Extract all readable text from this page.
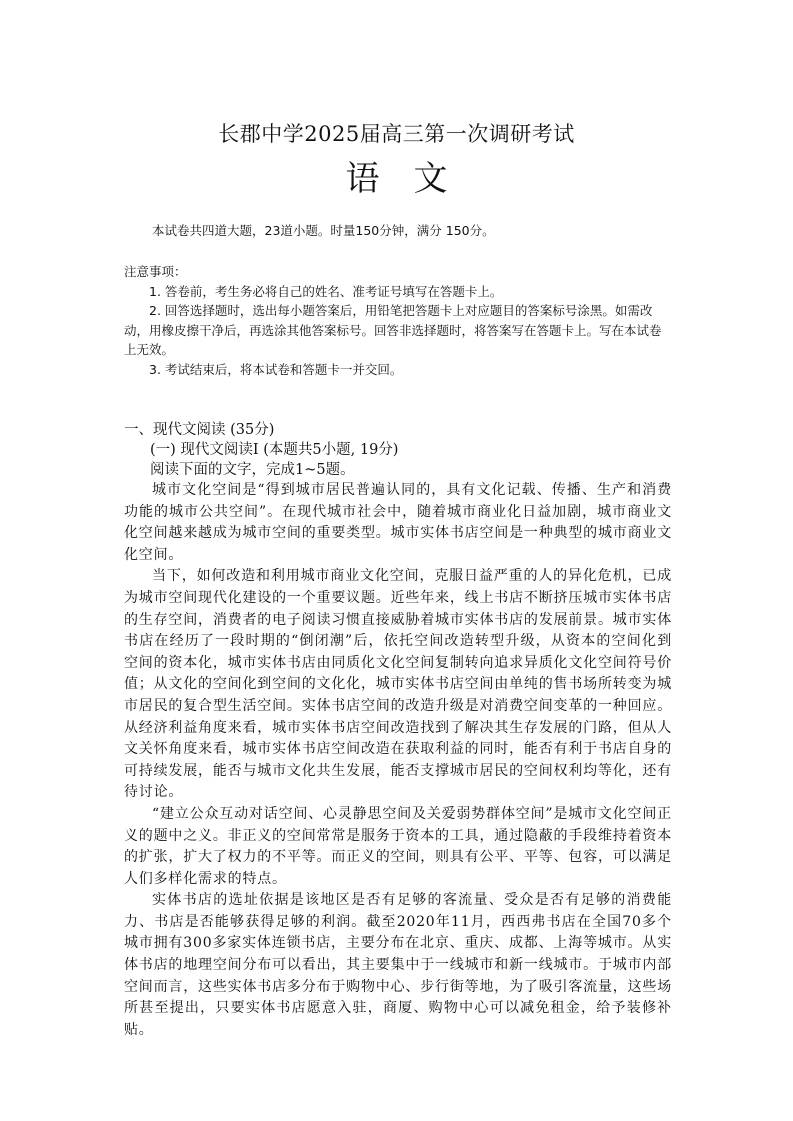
长郡中学2025届高三第一次调研考试
语文
本试卷共四道大题，23道小题。时量150分钟，满分 150分。

注意事项：

1. 答卷前，考生务必将自己的姓名、准考证号填写在答题卡上。

2. 回答选择题时，选出每小题答案后，用铅笔把答题卡上对应题目的答案标号涂黑。如需改动，用橡皮擦干净后，再选涂其他答案标号。回答非选择题时，将答案写在答题卡上。写在本试卷上无效。

3. 考试结束后，将本试卷和答题卡一并交回。

一、现代文阅读 (35分)
(一) 现代文阅读Ⅰ (本题共5小题, 19分)
阅读下面的文字，完成1~5题。

城市文化空间是“得到城市居民普遍认同的，具有文化记载、传播、生产和消费功能的城市公共空间”。在现代城市社会中，随着城市商业化日益加剧，城市商业文化空间越来越成为城市空间的重要类型。城市实体书店空间是一种典型的城市商业文化空间。

当下，如何改造和利用城市商业文化空间，克服日益严重的人的异化危机，已成为城市空间现代化建设的一个重要议题。近些年来，线上书店不断挤压城市实体书店的生存空间，消费者的电子阅读习惯直接威胁着城市实体书店的发展前景。城市实体书店在经历了一段时期的“倒闭潮”后，依托空间改造转型升级，从资本的空间化到空间的资本化，城市实体书店由同质化文化空间复制转向追求异质化文化空间符号价值；从文化的空间化到空间的文化化，城市实体书店空间由单纯的售书场所转变为城市居民的复合型生活空间。实体书店空间的改造升级是对消费空间变革的一种回应。从经济利益角度来看，城市实体书店空间改造找到了解决其生存发展的门路，但从人文关怀角度来看，城市实体书店空间改造在获取利益的同时，能否有利于书店自身的可持续发展，能否与城市文化共生发展，能否支撑城市居民的空间权利均等化，还有待讨论。

“建立公众互动对话空间、心灵静思空间及关爱弱势群体空间”是城市文化空间正义的题中之义。非正义的空间常常是服务于资本的工具，通过隐蔽的手段维持着资本的扩张，扩大了权力的不平等。而正义的空间，则具有公平、平等、包容，可以满足人们多样化需求的特点。

实体书店的选址依据是该地区是否有足够的客流量、受众是否有足够的消费能力、书店是否能够获得足够的利润。截至2020年11月，西西弗书店在全国70多个城市拥有300多家实体连锁书店，主要分布在北京、重庆、成都、上海等城市。从实体书店的地理空间分布可以看出，其主要集中于一线城市和新一线城市。于城市内部空间而言，这些实体书店多分布于购物中心、步行街等地，为了吸引客流量，这些场所甚至提出，只要实体书店愿意入驻，商厦、购物中心可以减免租金，给予装修补贴。
